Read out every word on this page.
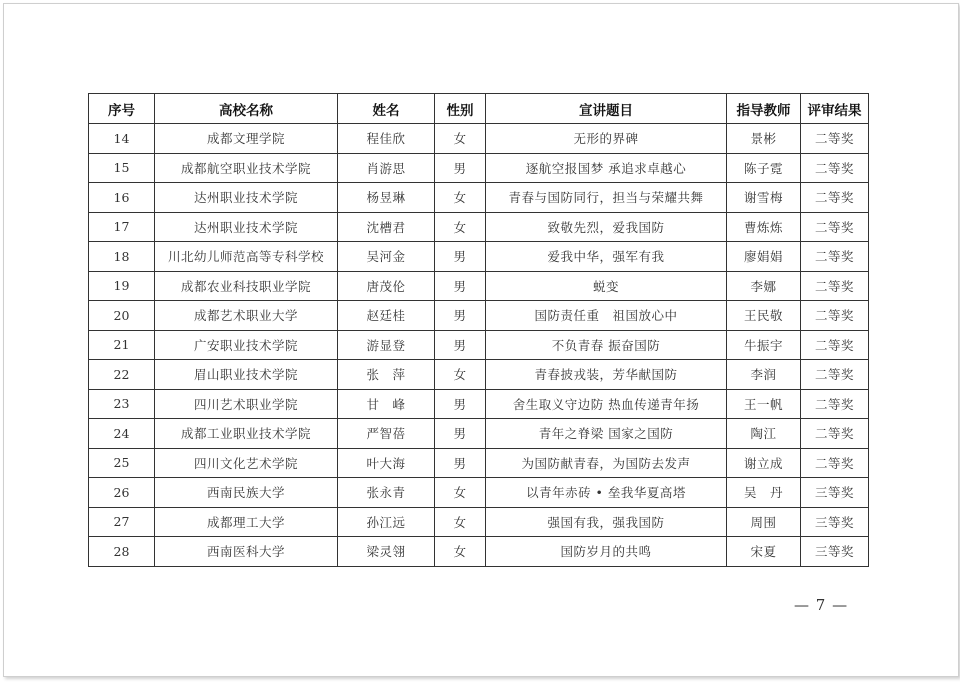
序号	高校名称	姓名	性别	宣讲题目	指导教师	评审结果
14	成都文理学院	程佳欣	女	无形的界碑	景彬	二等奖
15	成都航空职业技术学院	肖游思	男	逐航空报国梦 承追求卓越心	陈子霓	二等奖
16	达州职业技术学院	杨昱琳	女	青春与国防同行，担当与荣耀共舞	谢雪梅	二等奖
17	达州职业技术学院	沈槽君	女	致敬先烈，爱我国防	曹炼炼	二等奖
18	川北幼儿师范高等专科学校	吴河金	男	爱我中华，强军有我	廖娟娟	二等奖
19	成都农业科技职业学院	唐茂伦	男	蜕变	李娜	二等奖
20	成都艺术职业大学	赵廷桂	男	国防责任重　祖国放心中	王民敬	二等奖
21	广安职业技术学院	游显登	男	不负青春 振奋国防	牛振宇	二等奖
22	眉山职业技术学院	张　萍	女	青春披戎装，芳华献国防	李润	二等奖
23	四川艺术职业学院	甘　峰	男	舍生取义守边防 热血传递青年扬	王一帆	二等奖
24	成都工业职业技术学院	严智蓓	男	青年之脊梁 国家之国防	陶江	二等奖
25	四川文化艺术学院	叶大海	男	为国防献青春，为国防去发声	谢立成	二等奖
26	西南民族大学	张永青	女	以青年赤砖 • 垒我华夏高塔	吴　丹	三等奖
27	成都理工大学	孙江远	女	强国有我，强我国防	周围	三等奖
28	西南医科大学	梁灵翎	女	国防岁月的共鸣	宋夏	三等奖
— 7 —
